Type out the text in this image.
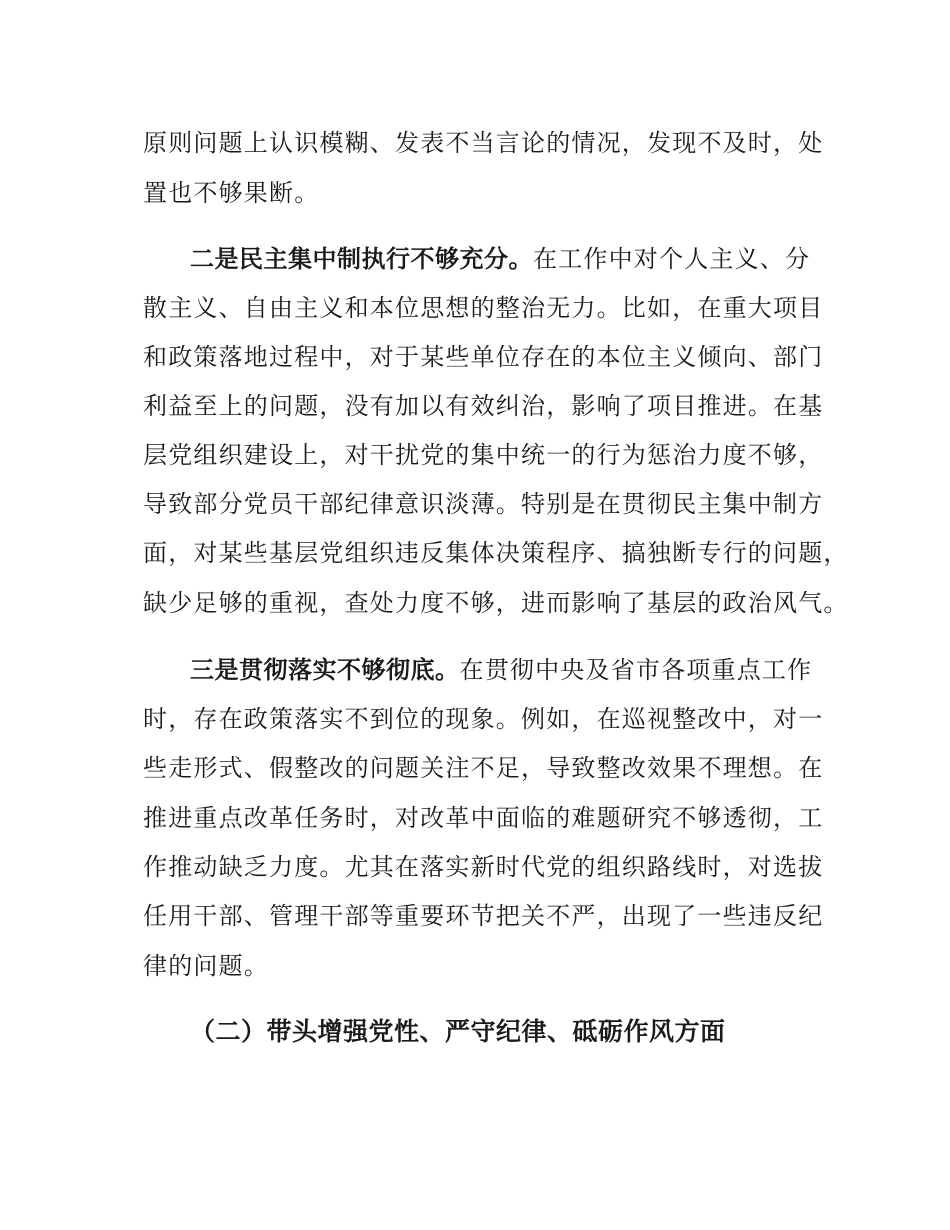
原则问题上认识模糊、发表不当言论的情况，发现不及时，处
置也不够果断。
二是民主集中制执行不够充分。在工作中对个人主义、分
散主义、自由主义和本位思想的整治无力。比如，在重大项目
和政策落地过程中，对于某些单位存在的本位主义倾向、部门
利益至上的问题，没有加以有效纠治，影响了项目推进。在基
层党组织建设上，对干扰党的集中统一的行为惩治力度不够，
导致部分党员干部纪律意识淡薄。特别是在贯彻民主集中制方
面，对某些基层党组织违反集体决策程序、搞独断专行的问题，
缺少足够的重视，查处力度不够，进而影响了基层的政治风气。
三是贯彻落实不够彻底。在贯彻中央及省市各项重点工作
时，存在政策落实不到位的现象。例如，在巡视整改中，对一
些走形式、假整改的问题关注不足，导致整改效果不理想。在
推进重点改革任务时，对改革中面临的难题研究不够透彻，工
作推动缺乏力度。尤其在落实新时代党的组织路线时，对选拔
任用干部、管理干部等重要环节把关不严，出现了一些违反纪
律的问题。
（二）带头增强党性、严守纪律、砥砺作风方面
